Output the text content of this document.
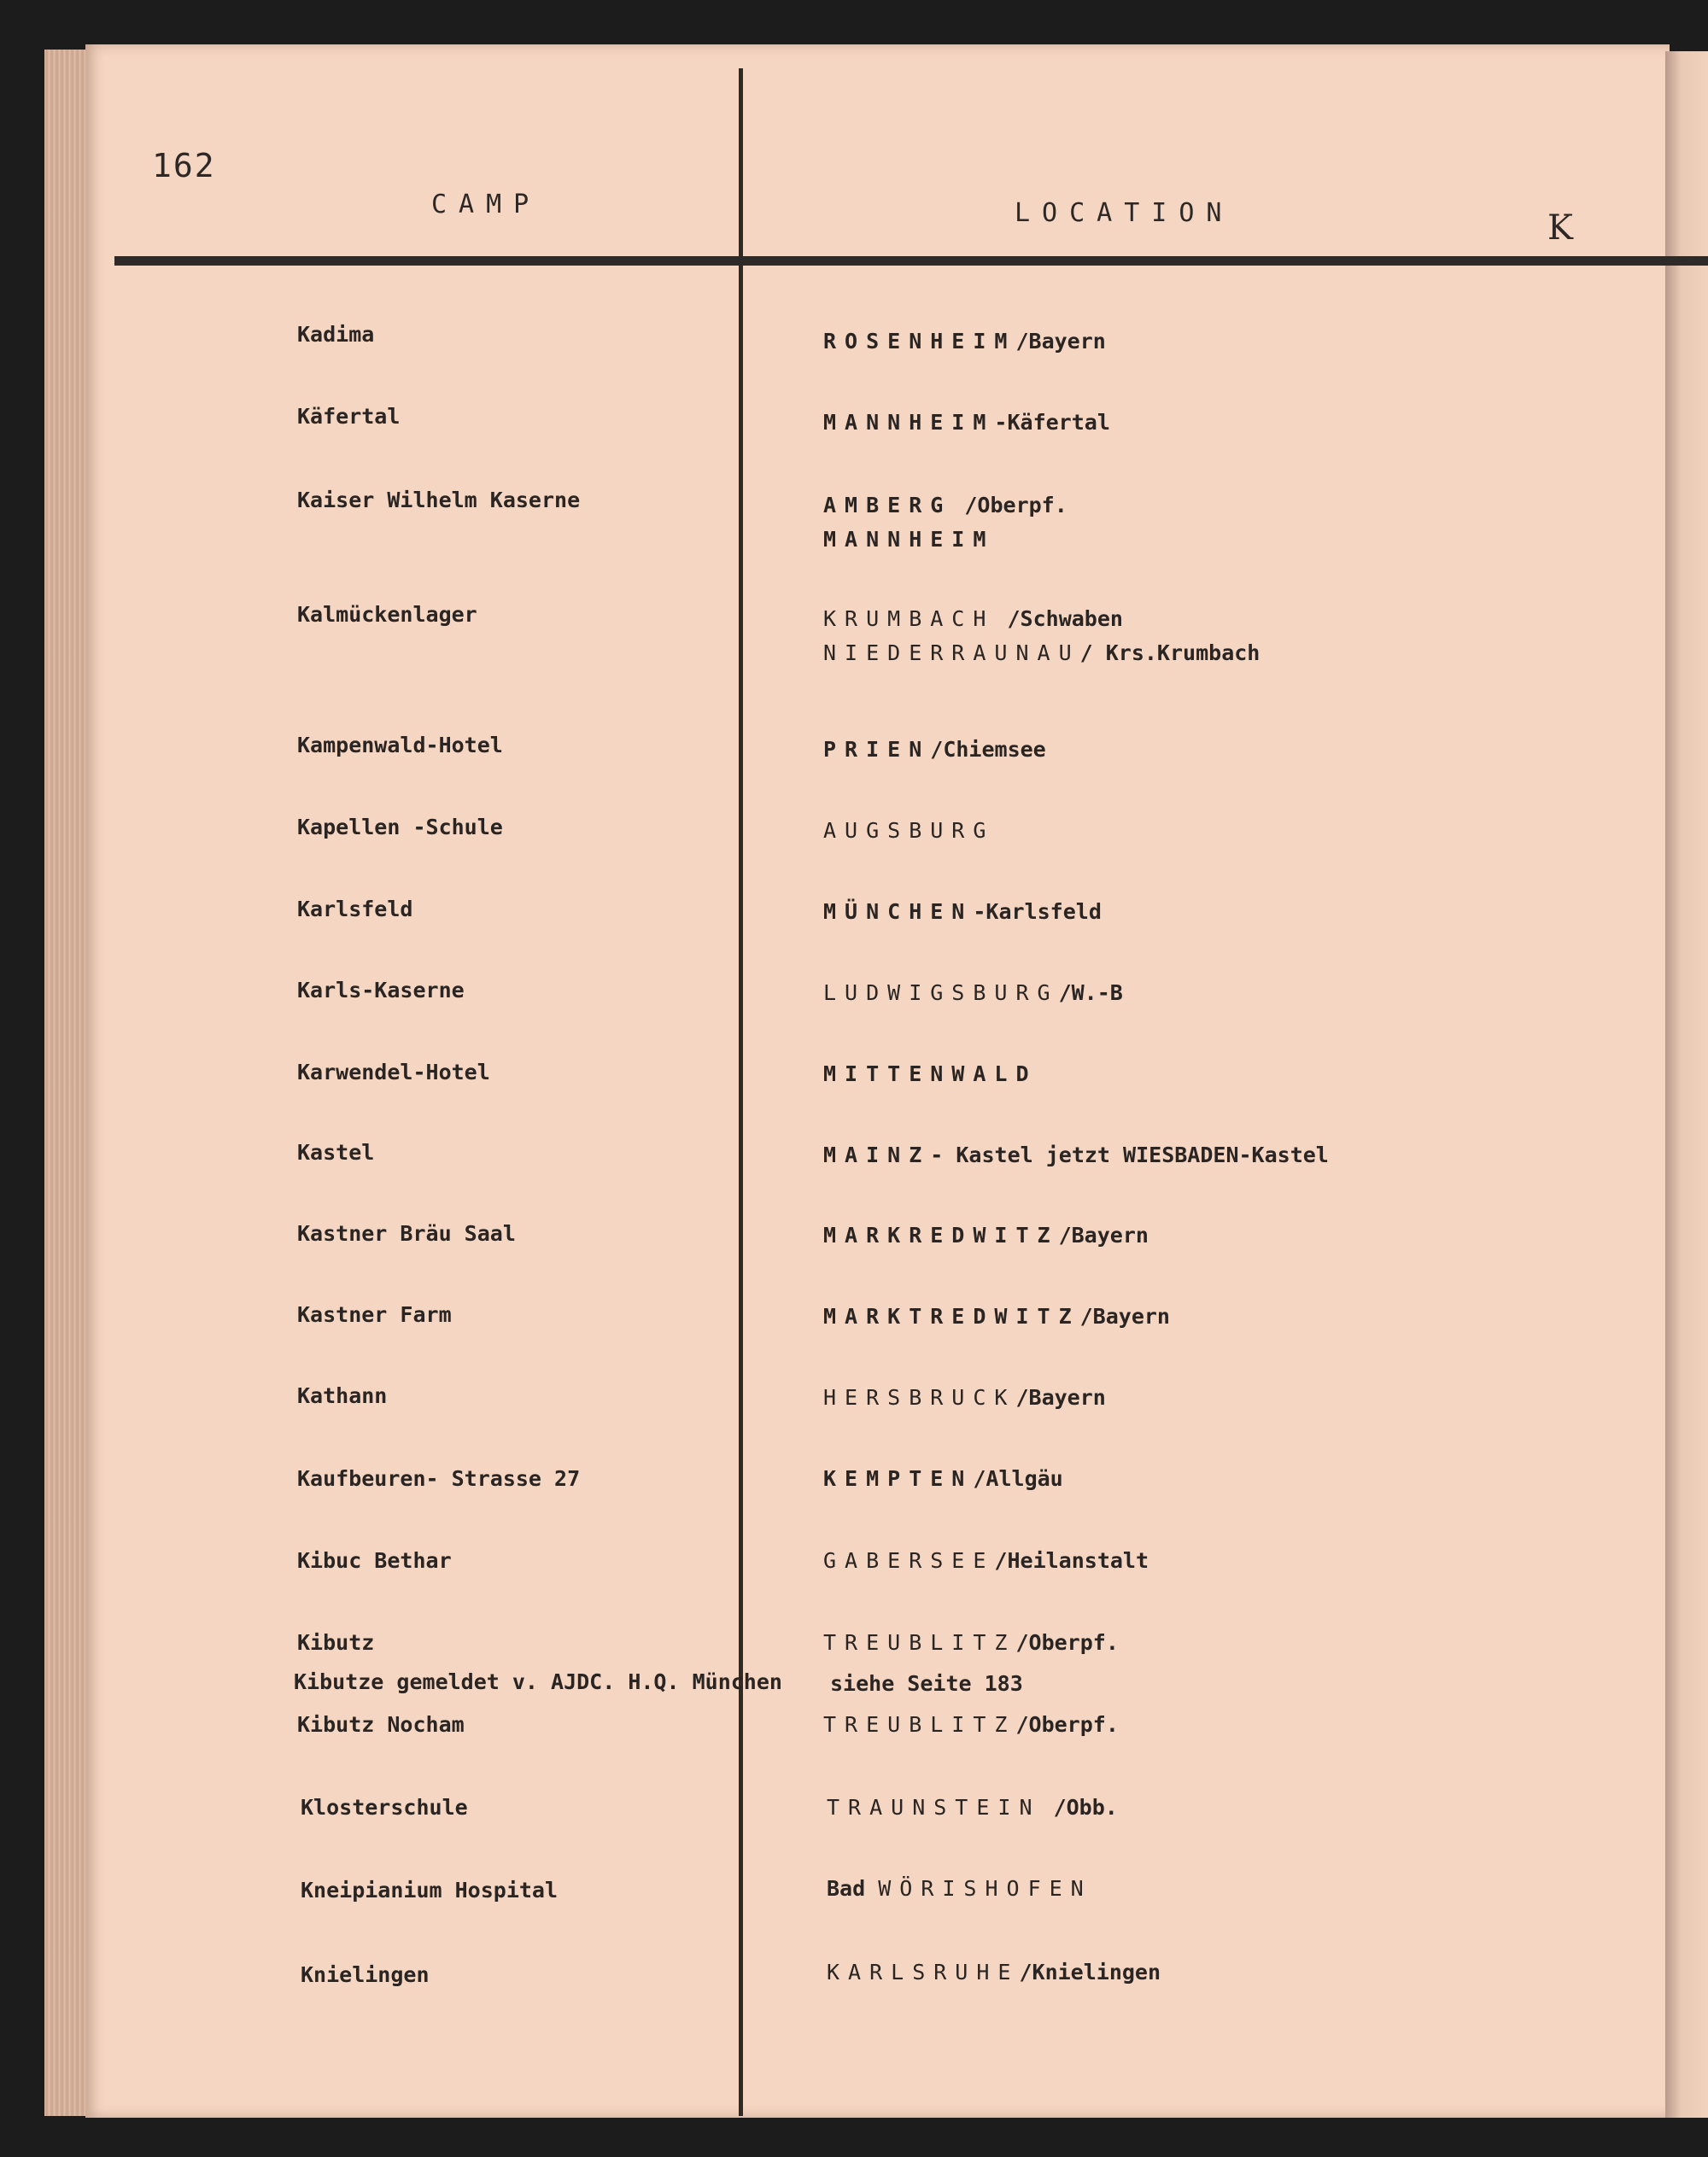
162
CAMP	LOCATION	K
Kadima	ROSENHEIM/Bayern
Käfertal	MANNHEIM-Käfertal
Kaiser Wilhelm Kaserne	AMBERG /Oberpf.
MANNHEIM
Kalmückenlager	KRUMBACH /Schwaben
NIEDERRAUNAU/ Krs.Krumbach
Kampenwald-Hotel	PRIEN/Chiemsee
Kapellen -Schule	AUGSBURG
Karlsfeld	MÜNCHEN-Karlsfeld
Karls-Kaserne	LUDWIGSBURG/W.-B
Karwendel-Hotel	MITTENWALD
Kastel	MAINZ- Kastel jetzt WIESBADEN-Kastel
Kastner Bräu Saal	MARKREDWITZ/Bayern
Kastner Farm	MARKTREDWITZ/Bayern
Kathann	HERSBRUCK/Bayern
Kaufbeuren- Strasse 27	KEMPTEN/Allgäu
Kibuc Bethar	GABERSEE/Heilanstalt
Kibutz	TREUBLITZ/Oberpf.
Kibutze gemeldet v. AJDC. H.Q. München siehe Seite 183
Kibutz Nocham	TREUBLITZ/Oberpf.
Klosterschule	TRAUNSTEIN /Obb.
Kneipianium Hospital	Bad WÖRISHOFEN
Knielingen	KARLSRUHE/Knielingen
